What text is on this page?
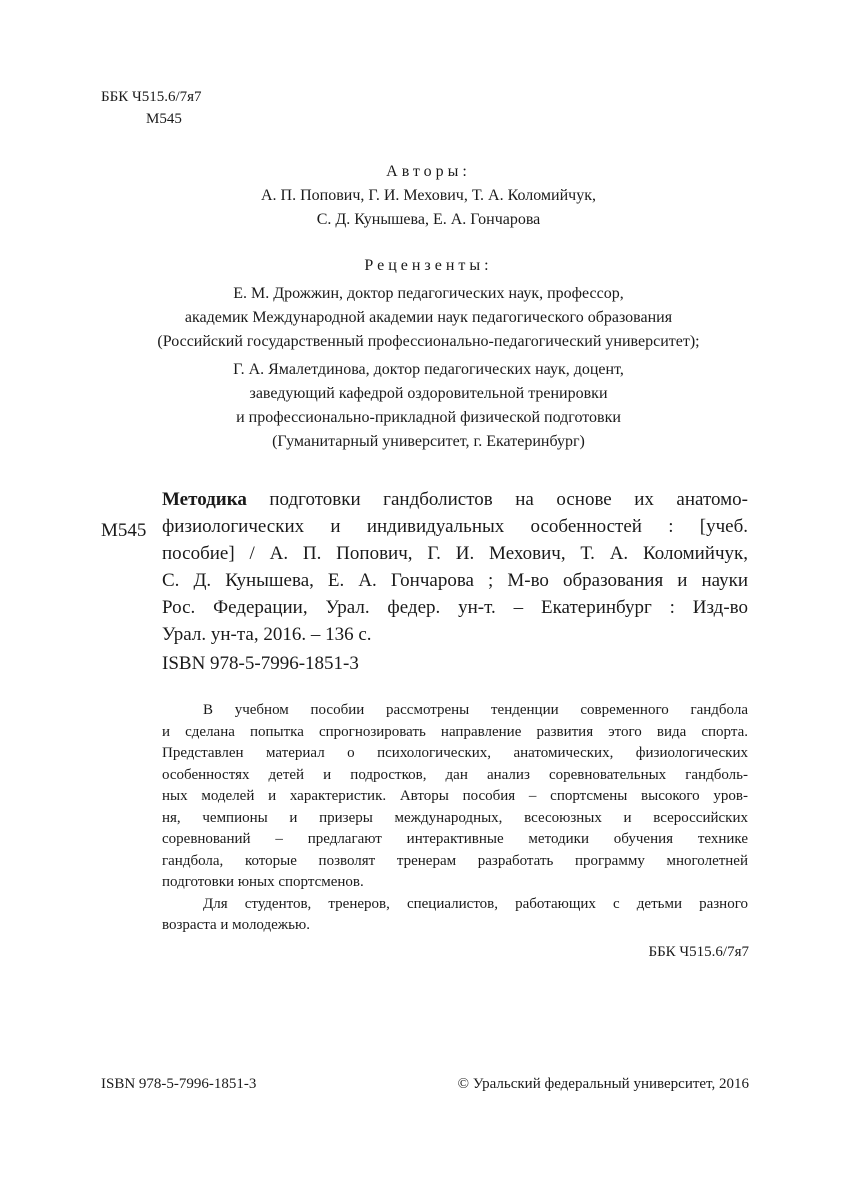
ББК Ч515.6/7я7
М545
Авторы:
А. П. Попович, Г. И. Мехович, Т. А. Коломийчук,
С. Д. Кунышева, Е. А. Гончарова
Рецензенты:
Е. М. Дрожжин, доктор педагогических наук, профессор,
академик Международной академии наук педагогического образования
(Российский государственный профессионально-педагогический университет);
Г. А. Ямалетдинова, доктор педагогических наук, доцент,
заведующий кафедрой оздоровительной тренировки
и профессионально-прикладной физической подготовки
(Гуманитарный университет, г. Екатеринбург)
М545

Методика подготовки гандболистов на основе их анатомо-

физиологических и индивидуальных особенностей : [учеб.

пособие] / А. П. Попович, Г. И. Мехович, Т. А. Коломийчук,

С. Д. Кунышева, Е. А. Гончарова ; М-во образования и науки

Рос. Федерации, Урал. федер. ун-т. – Екатеринбург : Изд-во

Урал. ун-та, 2016. – 136 с.

ISBN 978-5-7996-1851-3

В учебном пособии рассмотрены тенденции современного гандбола
и сделана попытка спрогнозировать направление развития этого вида спорта.
Представлен материал о психологических, анатомических, физиологических
особенностях детей и подростков, дан анализ соревновательных гандболь-
ных моделей и характеристик. Авторы пособия – спортсмены высокого уров-
ня, чемпионы и призеры международных, всесоюзных и всероссийских
соревнований – предлагают интерактивные методики обучения технике
гандбола, которые позволят тренерам разработать программу многолетней
подготовки юных спортсменов.

Для студентов, тренеров, специалистов, работающих с детьми разного
возраста и молодежью.

ББК Ч515.6/7я7
ISBN 978-5-7996-1851-3	© Уральский федеральный университет, 2016
